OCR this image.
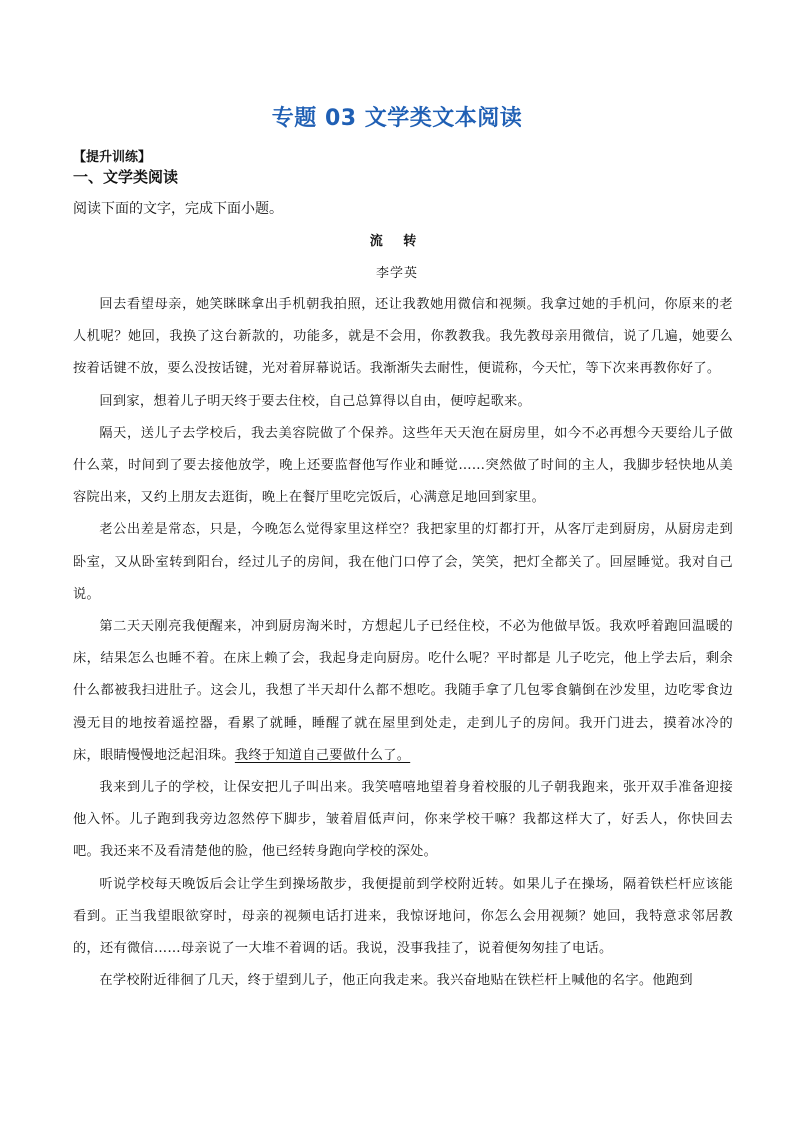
专题 03 文学类文本阅读
【提升训练】
一、文学类阅读
阅读下面的文字，完成下面小题。
流 转
李学英

回去看望母亲，她笑眯眯拿出手机朝我拍照，还让我教她用微信和视频。我拿过她的手机问，你原来的老人机呢？她回，我换了这台新款的，功能多，就是不会用，你教教我。我先教母亲用微信，说了几遍，她要么按着话键不放，要么没按话键，光对着屏幕说话。我渐渐失去耐性，便谎称，今天忙，等下次来再教你好了。

回到家，想着儿子明天终于要去住校，自己总算得以自由，便哼起歌来。

隔天，送儿子去学校后，我去美容院做了个保养。这些年天天泡在厨房里，如今不必再想今天要给儿子做什么菜，时间到了要去接他放学，晚上还要监督他写作业和睡觉……突然做了时间的主人，我脚步轻快地从美容院出来，又约上朋友去逛街，晚上在餐厅里吃完饭后，心满意足地回到家里。

老公出差是常态，只是，今晚怎么觉得家里这样空？我把家里的灯都打开，从客厅走到厨房，从厨房走到卧室，又从卧室转到阳台，经过儿子的房间，我在他门口停了会，笑笑，把灯全都关了。回屋睡觉。我对自己说。

第二天天刚亮我便醒来，冲到厨房淘米时，方想起儿子已经住校，不必为他做早饭。我欢呼着跑回温暖的床，结果怎么也睡不着。在床上赖了会，我起身走向厨房。吃什么呢？平时都是 儿子吃完，他上学去后，剩余什么都被我扫进肚子。这会儿，我想了半天却什么都不想吃。我随手拿了几包零食躺倒在沙发里，边吃零食边漫无目的地按着遥控器，看累了就睡，睡醒了就在屋里到处走，走到儿子的房间。我开门进去，摸着冰冷的床，眼睛慢慢地泛起泪珠。我终于知道自己要做什么了。

我来到儿子的学校，让保安把儿子叫出来。我笑嘻嘻地望着身着校服的儿子朝我跑来，张开双手准备迎接他入怀。儿子跑到我旁边忽然停下脚步，皱着眉低声问，你来学校干嘛？我都这样大了，好丢人，你快回去吧。我还来不及看清楚他的脸，他已经转身跑向学校的深处。

听说学校每天晚饭后会让学生到操场散步，我便提前到学校附近转。如果儿子在操场，隔着铁栏杆应该能看到。正当我望眼欲穿时，母亲的视频电话打进来，我惊讶地问，你怎么会用视频？她回，我特意求邻居教的，还有微信……母亲说了一大堆不着调的话。我说，没事我挂了，说着便匆匆挂了电话。

在学校附近徘徊了几天，终于望到儿子，他正向我走来。我兴奋地贴在铁栏杆上喊他的名字。他跑到
